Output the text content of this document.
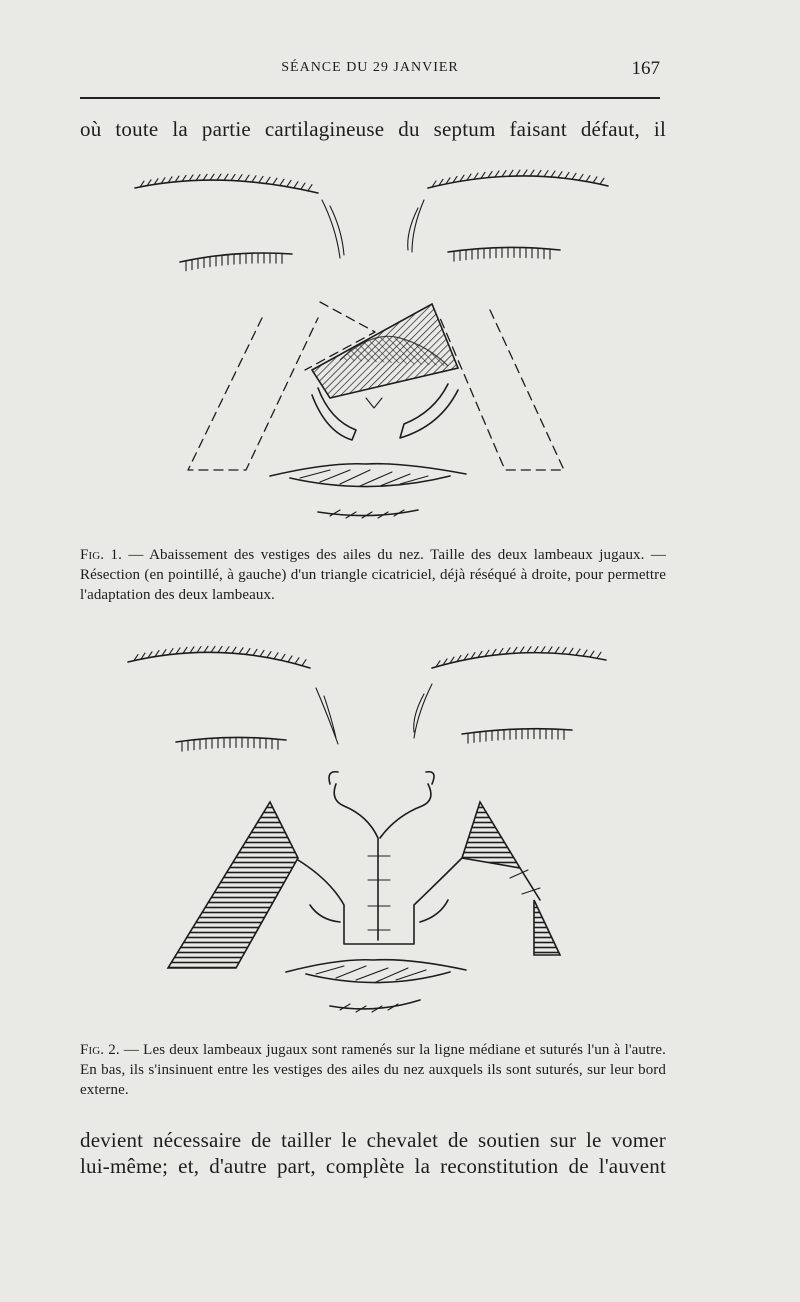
SÉANCE DU 29 JANVIER	167
où toute la partie cartilagineuse du septum faisant défaut, il
Fig. 1. — Abaissement des vestiges des ailes du nez. Taille des deux lambeaux jugaux. — Résection (en pointillé, à gauche) d'un triangle cicatriciel, déjà réséqué à droite, pour permettre l'adaptation des deux lambeaux.
Fig. 2. — Les deux lambeaux jugaux sont ramenés sur la ligne médiane et suturés l'un à l'autre. En bas, ils s'insinuent entre les vestiges des ailes du nez auxquels ils sont suturés, sur leur bord externe.
devient nécessaire de tailler le chevalet de soutien sur le vomer
lui-même; et, d'autre part, complète la reconstitution de l'auvent
